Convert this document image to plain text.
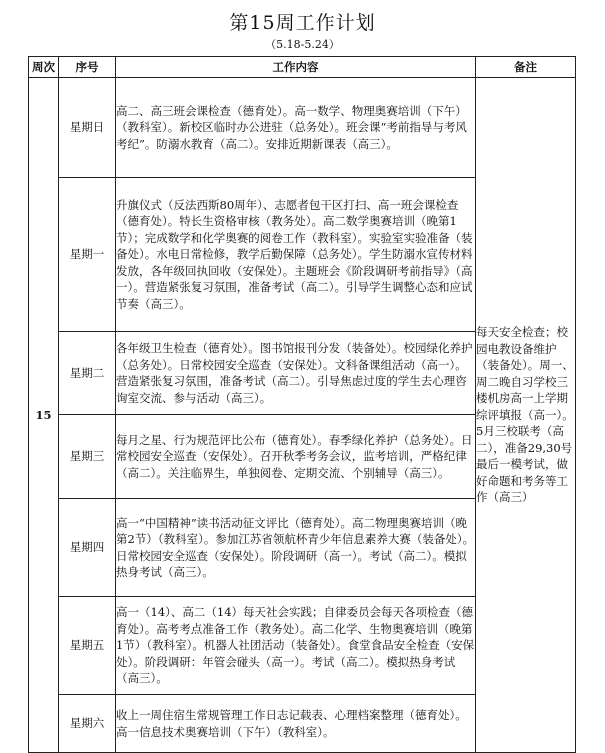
第15周工作计划
（5.18-5.24）
周次	序号	工作内容	备注
15	星期日	高二、高三班会课检查（德育处）。高一数学、物理奥赛培训（下午）（教科室）。新校区临时办公进驻（总务处）。班会课“考前指导与考风考纪”。防溺水教育（高二）。安排近期新课表（高三）。	每天安全检查；校园电教设备维护（装备处）。周一、周二晚自习学校三楼机房高一上学期综评填报（高一）。5月三校联考（高二），准备29,30号最后一模考试，做好命题和考务等工作（高三）
	星期一	升旗仪式（反法西斯80周年）、志愿者包干区打扫、高一班会课检查（德育处）。特长生资格审核（教务处）。高二数学奥赛培训（晚第1节）；完成数学和化学奥赛的阅卷工作（教科室）。实验室实验准备（装备处）。水电日常检修，教学后勤保障（总务处）。学生防溺水宣传材料发放，各年级回执回收（安保处）。主题班会《阶段调研考前指导》（高一）。营造紧张复习氛围，准备考试（高二）。引导学生调整心态和应试节奏（高三）。	
	星期二	各年级卫生检查（德育处）。图书馆报刊分发（装备处）。校园绿化养护（总务处）。日常校园安全巡查（安保处）。文科备课组活动（高一）。营造紧张复习氛围，准备考试（高二）。引导焦虑过度的学生去心理咨询室交流、参与活动（高三）。	
	星期三	每月之星、行为规范评比公布（德育处）。春季绿化养护（总务处）。日常校园安全巡查（安保处）。召开秋季考务会议，监考培训，严格纪律（高二）。关注临界生，单独阅卷、定期交流、个别辅导（高三）。	
	星期四	高一“中国精神”读书活动征文评比（德育处）。高二物理奥赛培训（晚第2节）（教科室）。参加江苏省领航杯青少年信息素养大赛（装备处）。日常校园安全巡查（安保处）。阶段调研（高一）。考试（高二）。模拟热身考试（高三）。	
	星期五	高一（14）、高二（14）每天社会实践；自律委员会每天各项检查（德育处）。高考考点准备工作（教务处）。高二化学、生物奥赛培训（晚第1节）（教科室）。机器人社团活动（装备处）。食堂食品安全检查（安保处）。阶段调研：年管会碰头（高一）。考试（高二）。模拟热身考试（高三）。	
	星期六	收上一周住宿生常规管理工作日志记载表、心理档案整理（德育处）。高一信息技术奥赛培训（下午）（教科室）。	
